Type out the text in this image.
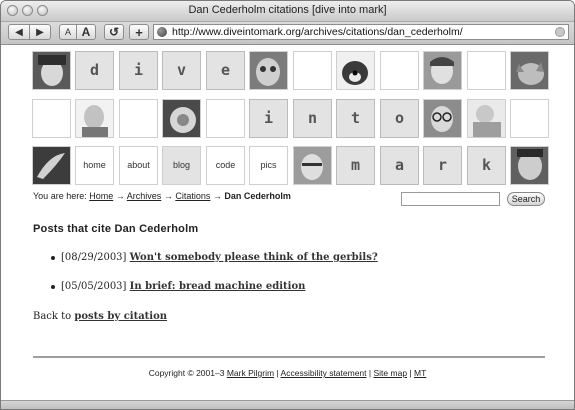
Dan Cederholm citations [dive into mark]
◀ ▶ A A ↺ +	http://www.diveintomark.org/archives/citations/dan_cederholm/
d	i	v	e
i	n	t	o
home	about	blog	code	pics	m	a	r	k
You are here: Home → Archives → Citations → Dan Cederholm	Search
Posts that cite Dan Cederholm
[08/29/2003] Won't somebody please think of the gerbils?
[05/05/2003] In brief: bread machine edition
Back to posts by citation
Copyright © 2001–3 Mark Pilgrim | Accessibility statement | Site map | MT
